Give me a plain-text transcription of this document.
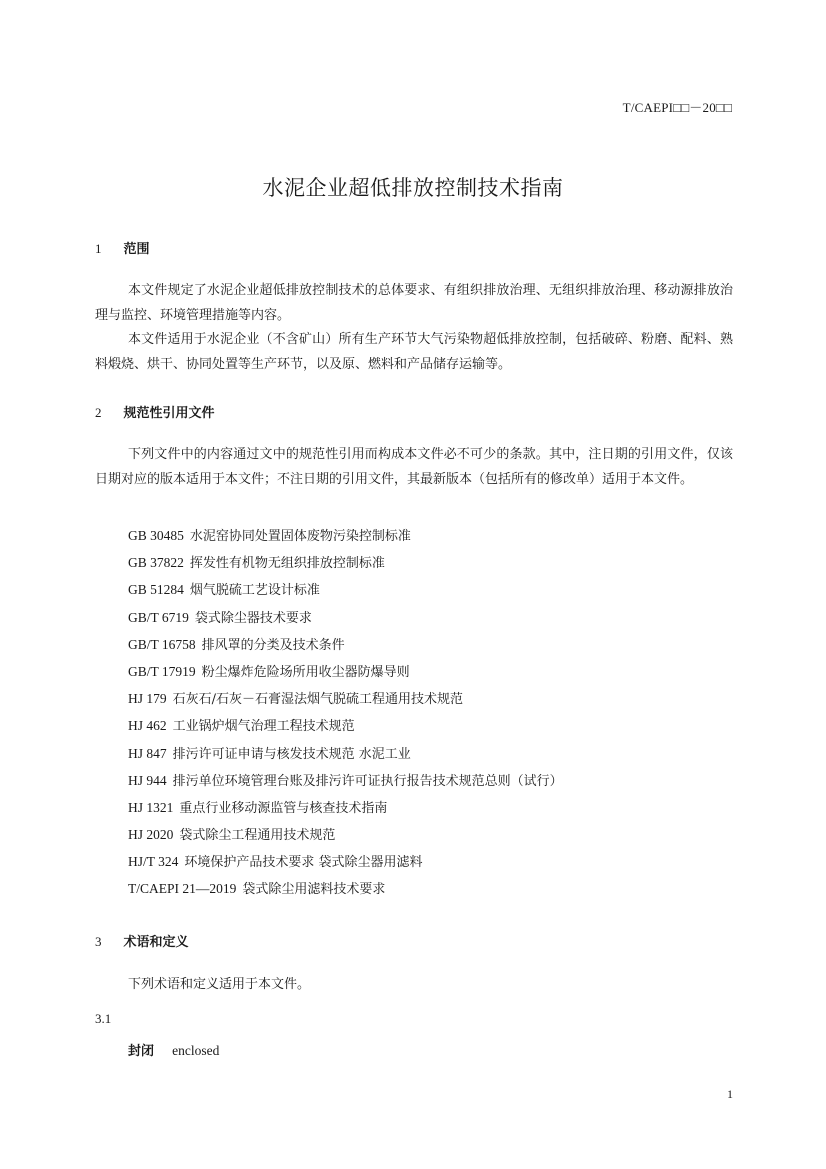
T/CAEPI□□－20□□
水泥企业超低排放控制技术指南
1 范围
本文件规定了水泥企业超低排放控制技术的总体要求、有组织排放治理、无组织排放治理、移动源排放治理与监控、环境管理措施等内容。
本文件适用于水泥企业（不含矿山）所有生产环节大气污染物超低排放控制，包括破碎、粉磨、配料、熟料煅烧、烘干、协同处置等生产环节，以及原、燃料和产品储存运输等。
2 规范性引用文件
下列文件中的内容通过文中的规范性引用而构成本文件必不可少的条款。其中，注日期的引用文件，仅该日期对应的版本适用于本文件；不注日期的引用文件，其最新版本（包括所有的修改单）适用于本文件。
GB 30485 水泥窑协同处置固体废物污染控制标准
GB 37822 挥发性有机物无组织排放控制标准
GB 51284 烟气脱硫工艺设计标准
GB/T 6719 袋式除尘器技术要求
GB/T 16758 排风罩的分类及技术条件
GB/T 17919 粉尘爆炸危险场所用收尘器防爆导则
HJ 179 石灰石/石灰－石膏湿法烟气脱硫工程通用技术规范
HJ 462 工业锅炉烟气治理工程技术规范
HJ 847 排污许可证申请与核发技术规范 水泥工业
HJ 944 排污单位环境管理台账及排污许可证执行报告技术规范总则（试行）
HJ 1321 重点行业移动源监管与核查技术指南
HJ 2020 袋式除尘工程通用技术规范
HJ/T 324 环境保护产品技术要求 袋式除尘器用滤料
T/CAEPI 21—2019 袋式除尘用滤料技术要求
3 术语和定义
下列术语和定义适用于本文件。
3.1
封闭 enclosed
1
